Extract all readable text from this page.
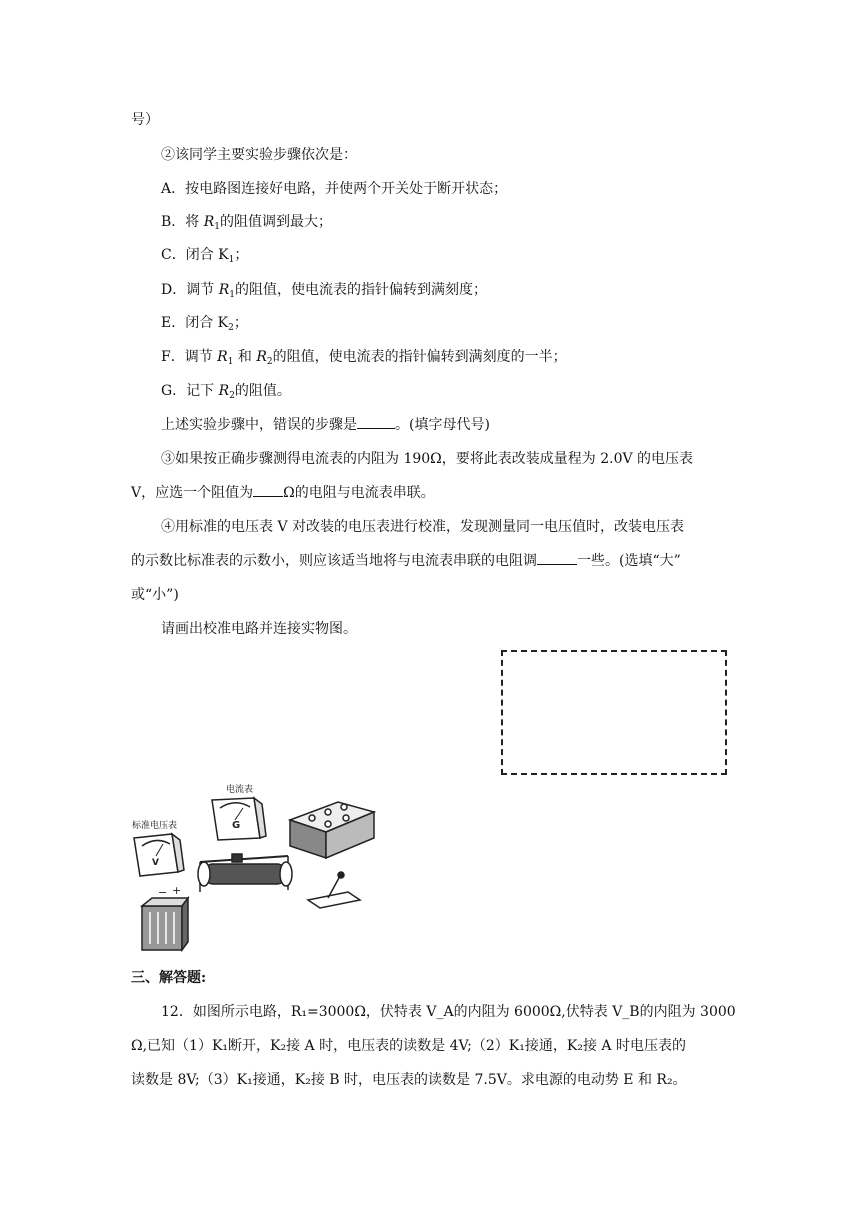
号）
②该同学主要实验步骤依次是：
A．按电路图连接好电路，并使两个开关处于断开状态；
B．将 $R_1$的阻值调到最大；
C．闭合 $K_1$；
D．调节 $R_1$的阻值，使电流表的指针偏转到满刻度；
E．闭合 $K_2$；
F．调节 $R_1$ 和 $R_2$的阻值，使电流表的指针偏转到满刻度的一半；
G．记下 $R_2$的阻值。
上述实验步骤中，错误的步骤是	。(填字母代号)
③如果按正确步骤测得电流表的内阻为 190Ω，要将此表改装成量程为 2.0V 的电压表
V，应选一个阻值为 Ω的电阻与电流表串联。
④用标准的电压表 V 对改装的电压表进行校准，发现测量同一电压值时，改装电压表
的示数比标准表的示数小，则应该适当地将与电流表串联的电阻调	一些。(选填“大”
或“小”)
请画出校准电路并连接实物图。
电流表
标准电压表	G
V
− +
三、解答题:
12．如图所示电路，R₁=3000Ω，伏特表 V_A的内阻为 6000Ω,伏特表 V_B的内阻为 3000
Ω,已知（1）K₁断开，K₂接 A 时，电压表的读数是 4V;（2）K₁接通，K₂接 A 时电压表的
读数是 8V;（3）K₁接通，K₂接 B 时，电压表的读数是 7.5V。求电源的电动势 E 和 R₂。
